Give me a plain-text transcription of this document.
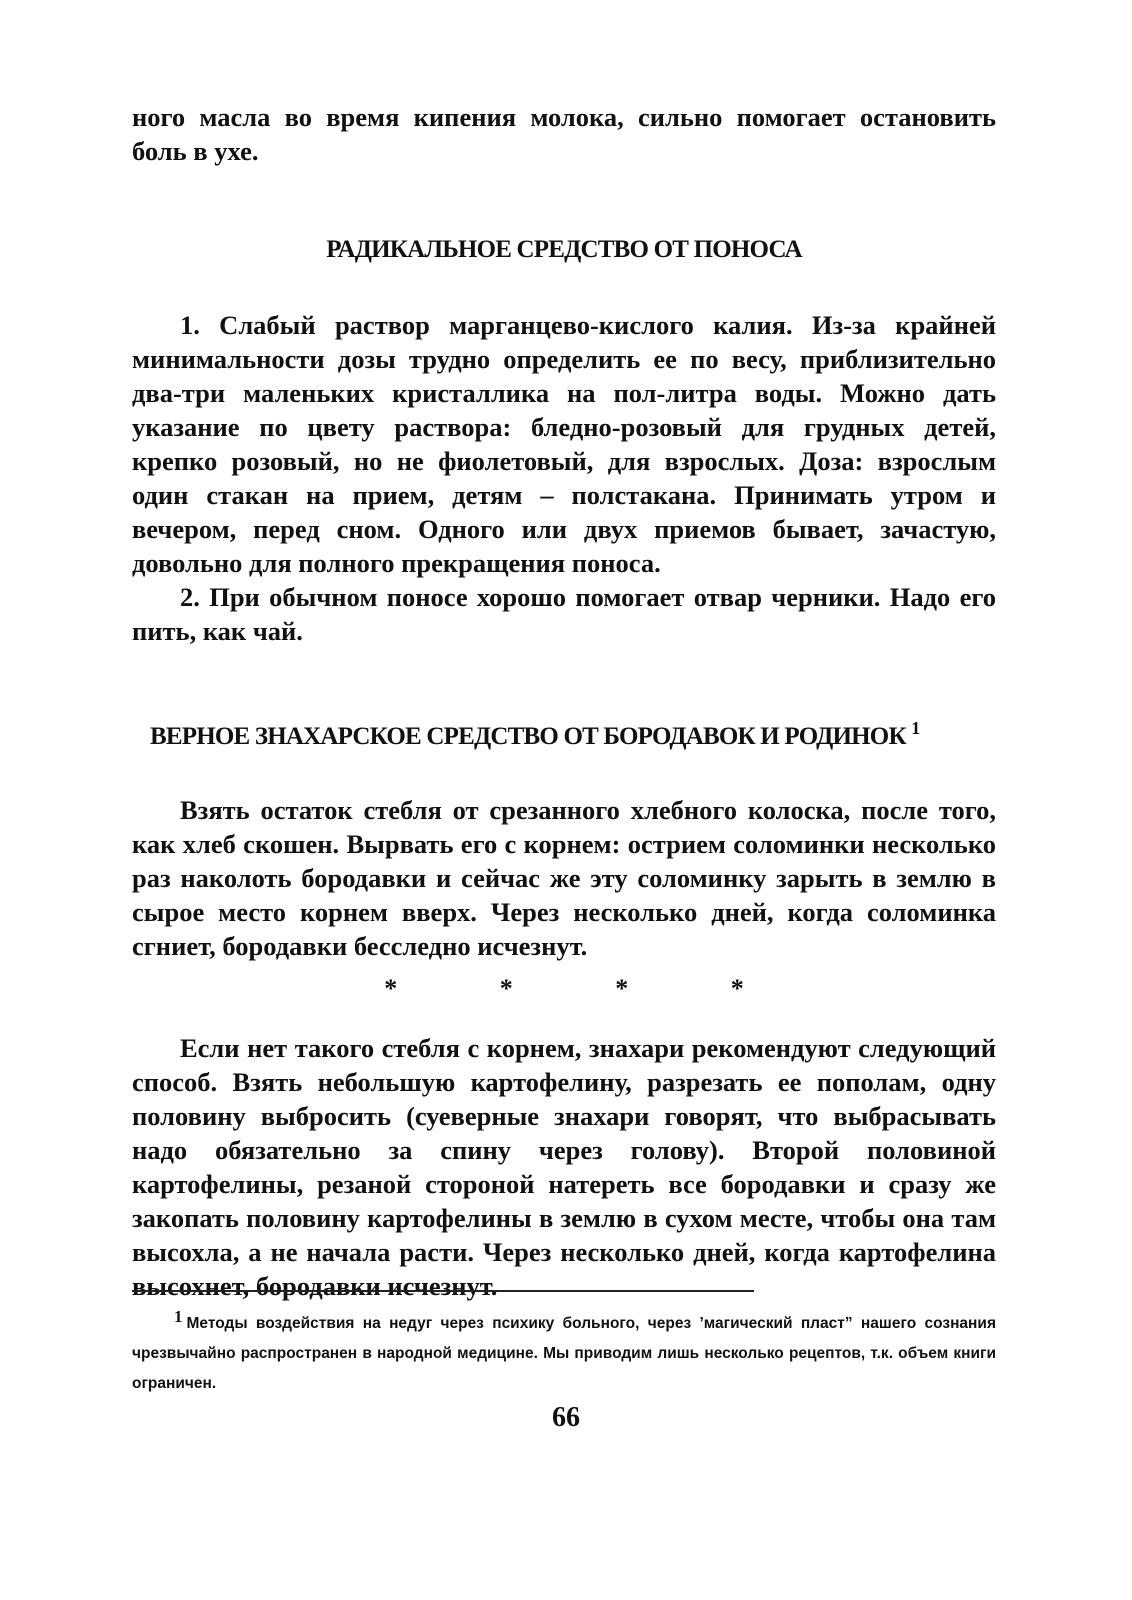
ного масла во время кипения молока, сильно помогает остановить боль в ухе.

РАДИКАЛЬНОЕ СРЕДСТВО ОТ ПОНОСА

1. Слабый раствор марганцево-кислого калия. Из-за крайней минимальности дозы трудно определить ее по весу, приблизительно два-три маленьких кристаллика на пол-литра воды. Можно дать указание по цвету раствора: бледно-розовый для грудных детей, крепко розовый, но не фиолетовый, для взрослых. Доза: взрослым один стакан на прием, детям – полстакана. Принимать утром и вечером, перед сном. Одного или двух приемов бывает, зачастую, довольно для полного прекращения поноса.

2. При обычном поносе хорошо помогает отвар черники. Надо его пить, как чай.

ВЕРНОЕ ЗНАХАРСКОЕ СРЕДСТВО ОТ БОРОДАВОК И РОДИНОК $^1$

Взять остаток стебля от срезанного хлебного колоска, после того, как хлеб скошен. Вырвать его с корнем: острием соломинки несколько раз наколоть бородавки и сейчас же эту соломинку зарыть в землю в сырое место корнем вверх. Через несколько дней, когда соломинка сгниет, бородавки бесследно исчезнут.

* * * *

Если нет такого стебля с корнем, знахари рекомендуют следующий способ. Взять небольшую картофелину, разрезать ее пополам, одну половину выбросить (суеверные знахари говорят, что выбрасывать надо обязательно за спину через голову). Второй половиной картофелины, резаной стороной натереть все бородавки и сразу же закопать половину картофелины в землю в сухом месте, чтобы она там высохла, а не начала расти. Через несколько дней, когда картофелина высохнет, бородавки исчезнут.

$^1$ Методы воздействия на недуг через психику больного, через ’магический пласт” нашего сознания чрезвычайно распространен в народной медицине. Мы приводим лишь несколько рецептов, т.к. объем книги ограничен.
66
